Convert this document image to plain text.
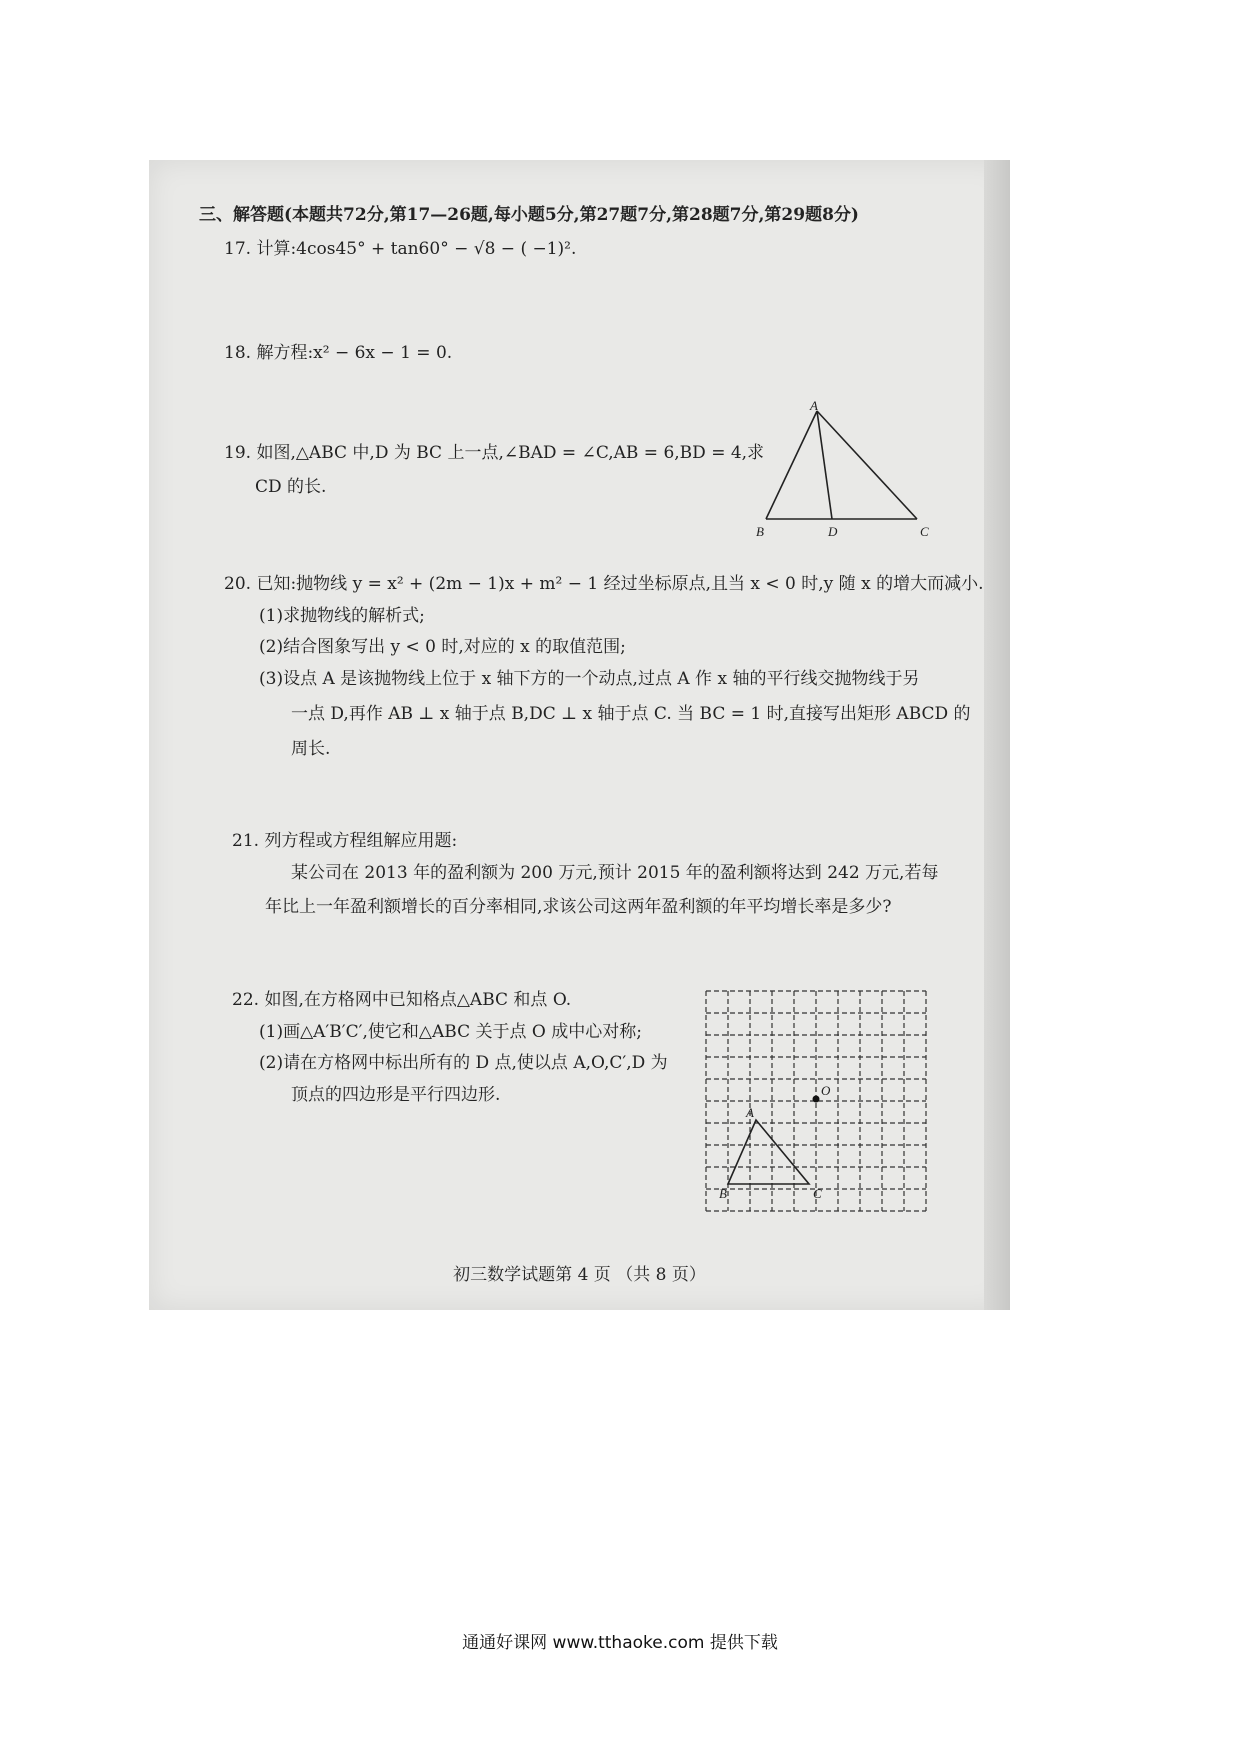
三、解答题(本题共72分,第17—26题,每小题5分,第27题7分,第28题7分,第29题8分)
17. 计算:4cos45° + tan60° − √8 − ( −1)².
18. 解方程:x² − 6x − 1 = 0.
19. 如图,△ABC 中,D 为 BC 上一点,∠BAD = ∠C,AB = 6,BD = 4,求
CD 的长.
A
B	D	C
20. 已知:抛物线 y = x² + (2m − 1)x + m² − 1 经过坐标原点,且当 x < 0 时,y 随 x 的增大而减小.
(1)求抛物线的解析式;
(2)结合图象写出 y < 0 时,对应的 x 的取值范围;
(3)设点 A 是该抛物线上位于 x 轴下方的一个动点,过点 A 作 x 轴的平行线交抛物线于另
一点 D,再作 AB ⊥ x 轴于点 B,DC ⊥ x 轴于点 C. 当 BC = 1 时,直接写出矩形 ABCD 的
周长.
21. 列方程或方程组解应用题:
某公司在 2013 年的盈利额为 200 万元,预计 2015 年的盈利额将达到 242 万元,若每
年比上一年盈利额增长的百分率相同,求该公司这两年盈利额的年平均增长率是多少?
22. 如图,在方格网中已知格点△ABC 和点 O.
(1)画△A′B′C′,使它和△ABC 关于点 O 成中心对称;
(2)请在方格网中标出所有的 D 点,使以点 A,O,C′,D 为
顶点的四边形是平行四边形.	O
A
B	C
初三数学试题第 4 页 （共 8 页）
通通好课网 www.tthaoke.com 提供下载
